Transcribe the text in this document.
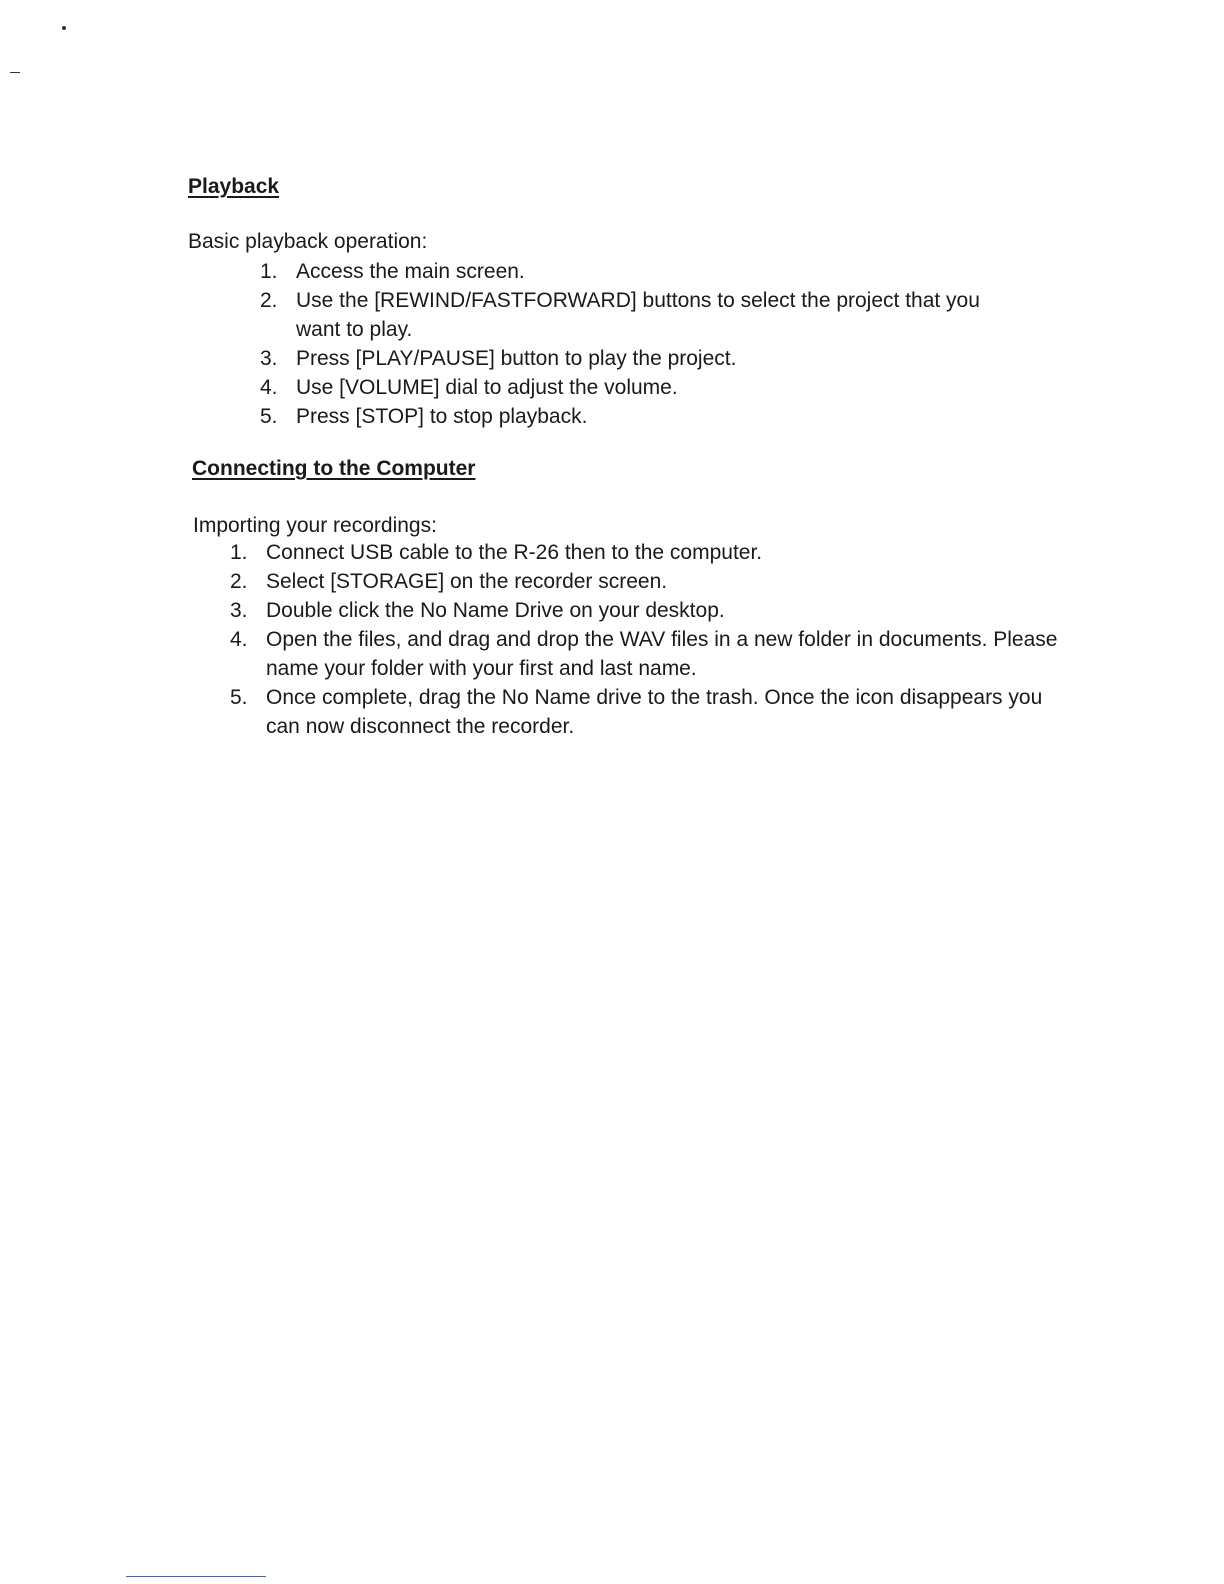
Playback

Basic playback operation:

1. Access the main screen.
2. Use the [REWIND/FASTFORWARD] buttons to select the project that you want to play.
3. Press [PLAY/PAUSE] button to play the project.
4. Use [VOLUME] dial to adjust the volume.
5. Press [STOP] to stop playback.
Connecting to the Computer

Importing your recordings:

1. Connect USB cable to the R-26 then to the computer.
2. Select [STORAGE] on the recorder screen.
3. Double click the No Name Drive on your desktop.
4. Open the files, and drag and drop the WAV files in a new folder in documents. Please name your folder with your first and last name.
5. Once complete, drag the No Name drive to the trash. Once the icon disappears you can now disconnect the recorder.
